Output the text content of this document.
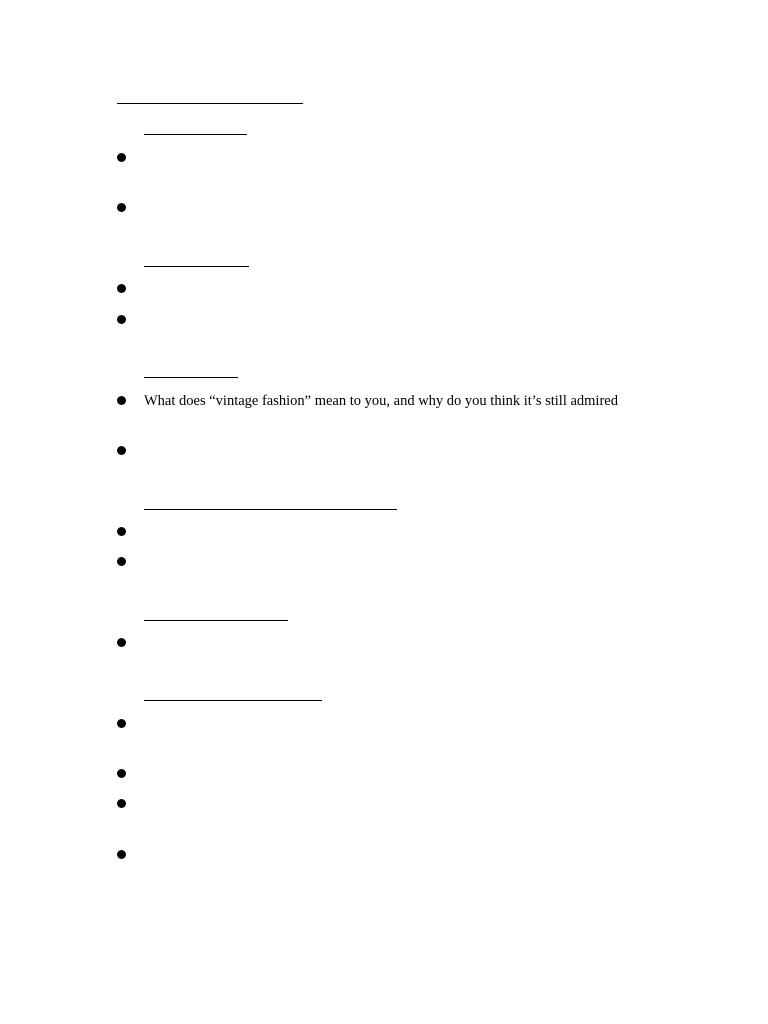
What does “vintage fashion” mean to you, and why do you think it’s still admired
